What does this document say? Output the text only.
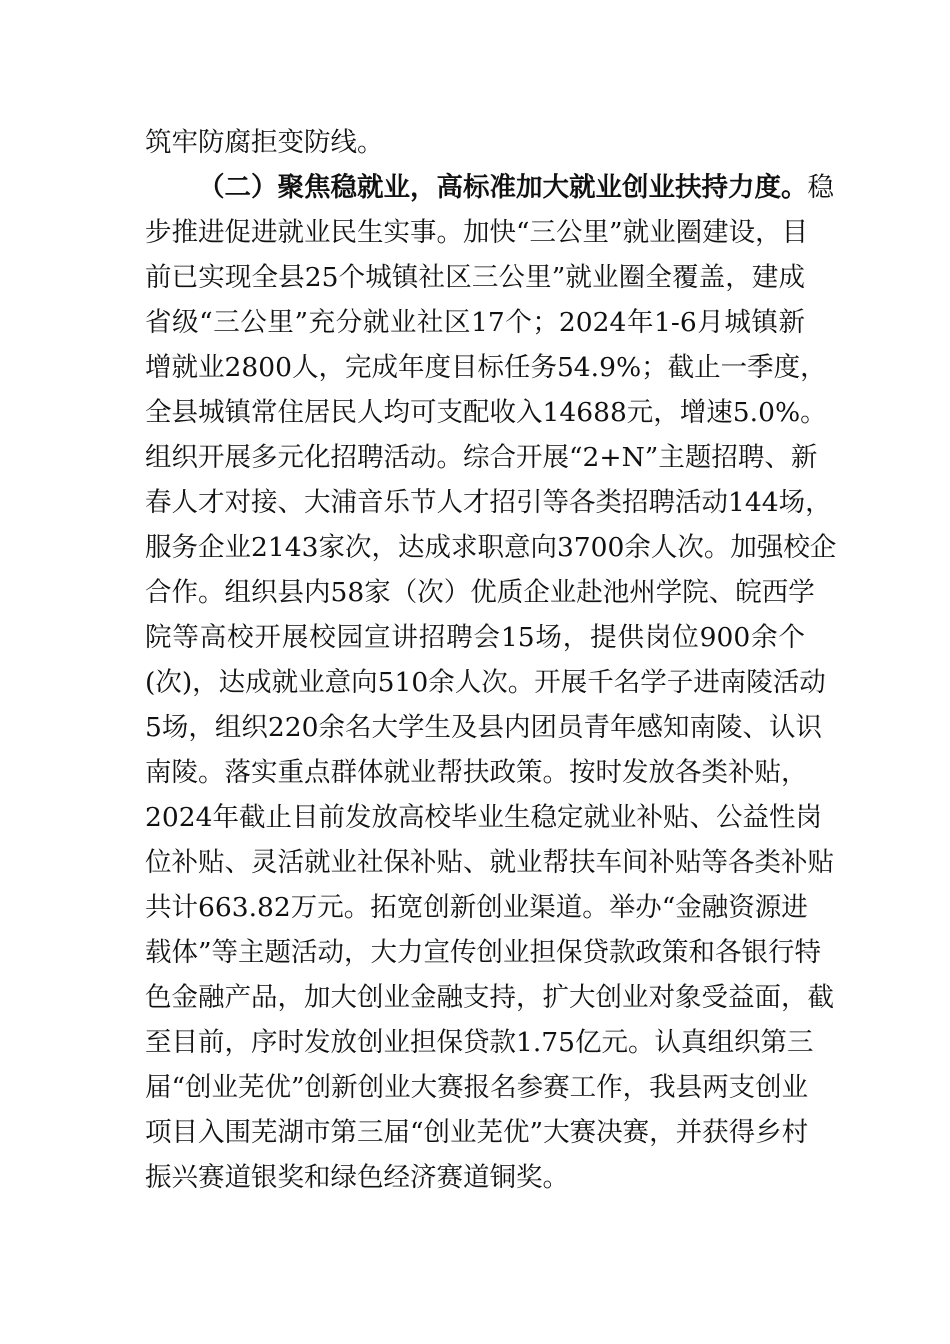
筑牢防腐拒变防线。
（二）聚焦稳就业，高标准加大就业创业扶持力度。稳
步推进促进就业民生实事。加快“三公里”就业圈建设，目
前已实现全县25个城镇社区三公里”就业圈全覆盖，建成
省级“三公里”充分就业社区17个；2024年1-6月城镇新
增就业2800人，完成年度目标任务54.9%；截止一季度，
全县城镇常住居民人均可支配收入14688元，增速5.0%。
组织开展多元化招聘活动。综合开展“2+N”主题招聘、新
春人才对接、大浦音乐节人才招引等各类招聘活动144场，
服务企业2143家次，达成求职意向3700余人次。加强校企
合作。组织县内58家（次）优质企业赴池州学院、皖西学
院等高校开展校园宣讲招聘会15场，提供岗位900余个
(次)，达成就业意向510余人次。开展千名学子进南陵活动
5场，组织220余名大学生及县内团员青年感知南陵、认识
南陵。落实重点群体就业帮扶政策。按时发放各类补贴，
2024年截止目前发放高校毕业生稳定就业补贴、公益性岗
位补贴、灵活就业社保补贴、就业帮扶车间补贴等各类补贴
共计663.82万元。拓宽创新创业渠道。举办“金融资源进
载体”等主题活动，大力宣传创业担保贷款政策和各银行特
色金融产品，加大创业金融支持，扩大创业对象受益面，截
至目前，序时发放创业担保贷款1.75亿元。认真组织第三
届“创业芜优”创新创业大赛报名参赛工作，我县两支创业
项目入围芜湖市第三届“创业芜优”大赛决赛，并获得乡村
振兴赛道银奖和绿色经济赛道铜奖。
